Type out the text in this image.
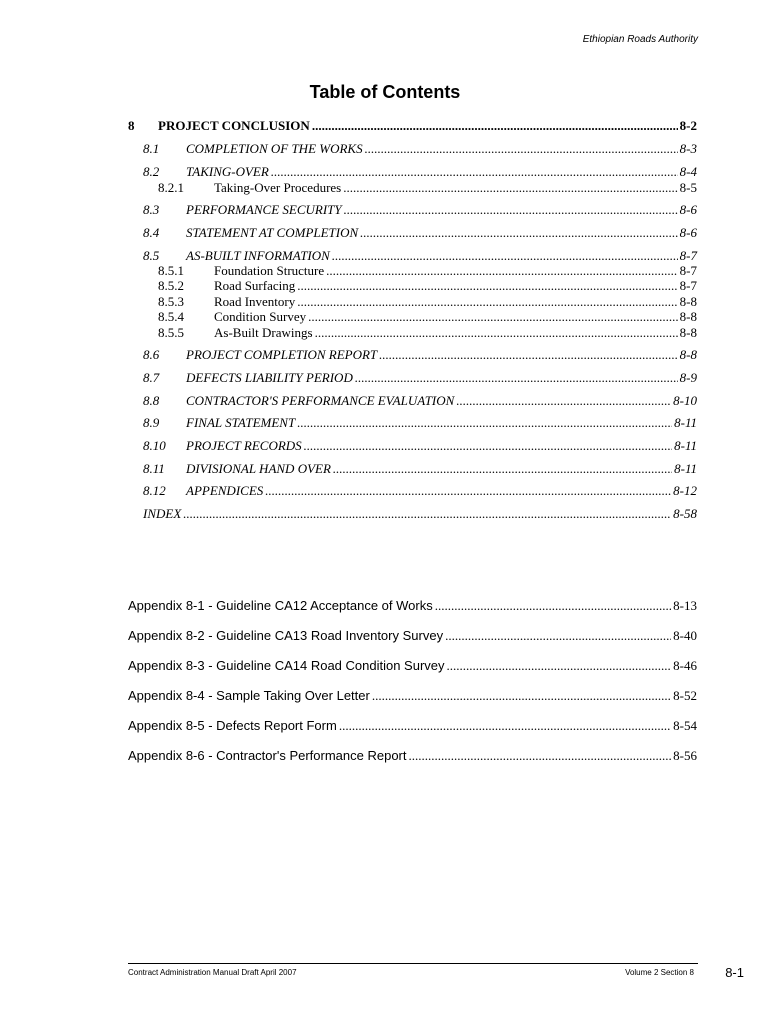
Ethiopian Roads Authority
Table of Contents
8	PROJECT CONCLUSION .....	8-2
8.1	COMPLETION OF THE WORKS .....	8-3
8.2	TAKING-OVER .....	8-4
8.2.1	Taking-Over Procedures .....	8-5
8.3	PERFORMANCE SECURITY .....	8-6
8.4	STATEMENT AT COMPLETION .....	8-6
8.5	AS-BUILT INFORMATION .....	8-7
8.5.1	Foundation Structure .....	8-7
8.5.2	Road Surfacing .....	8-7
8.5.3	Road Inventory .....	8-8
8.5.4	Condition Survey .....	8-8
8.5.5	As-Built Drawings .....	8-8
8.6	PROJECT COMPLETION REPORT .....	8-8
8.7	DEFECTS LIABILITY PERIOD .....	8-9
8.8	CONTRACTOR'S PERFORMANCE EVALUATION .....	8-10
8.9	FINAL STATEMENT .....	8-11
8.10	PROJECT RECORDS .....	8-11
8.11	DIVISIONAL HAND OVER .....	8-11
8.12	APPENDICES .....	8-12
INDEX .....	8-58
Appendix 8-1 - Guideline CA12 Acceptance of Works .....	8-13
Appendix 8-2 - Guideline CA13 Road Inventory Survey .....	8-40
Appendix 8-3 - Guideline CA14 Road Condition Survey .....	8-46
Appendix 8-4 - Sample Taking Over Letter .....	8-52
Appendix 8-5 - Defects Report Form .....	8-54
Appendix 8-6 - Contractor's Performance Report .....	8-56
Contract Administration Manual Draft April 2007	Volume 2 Section 8 8-1
